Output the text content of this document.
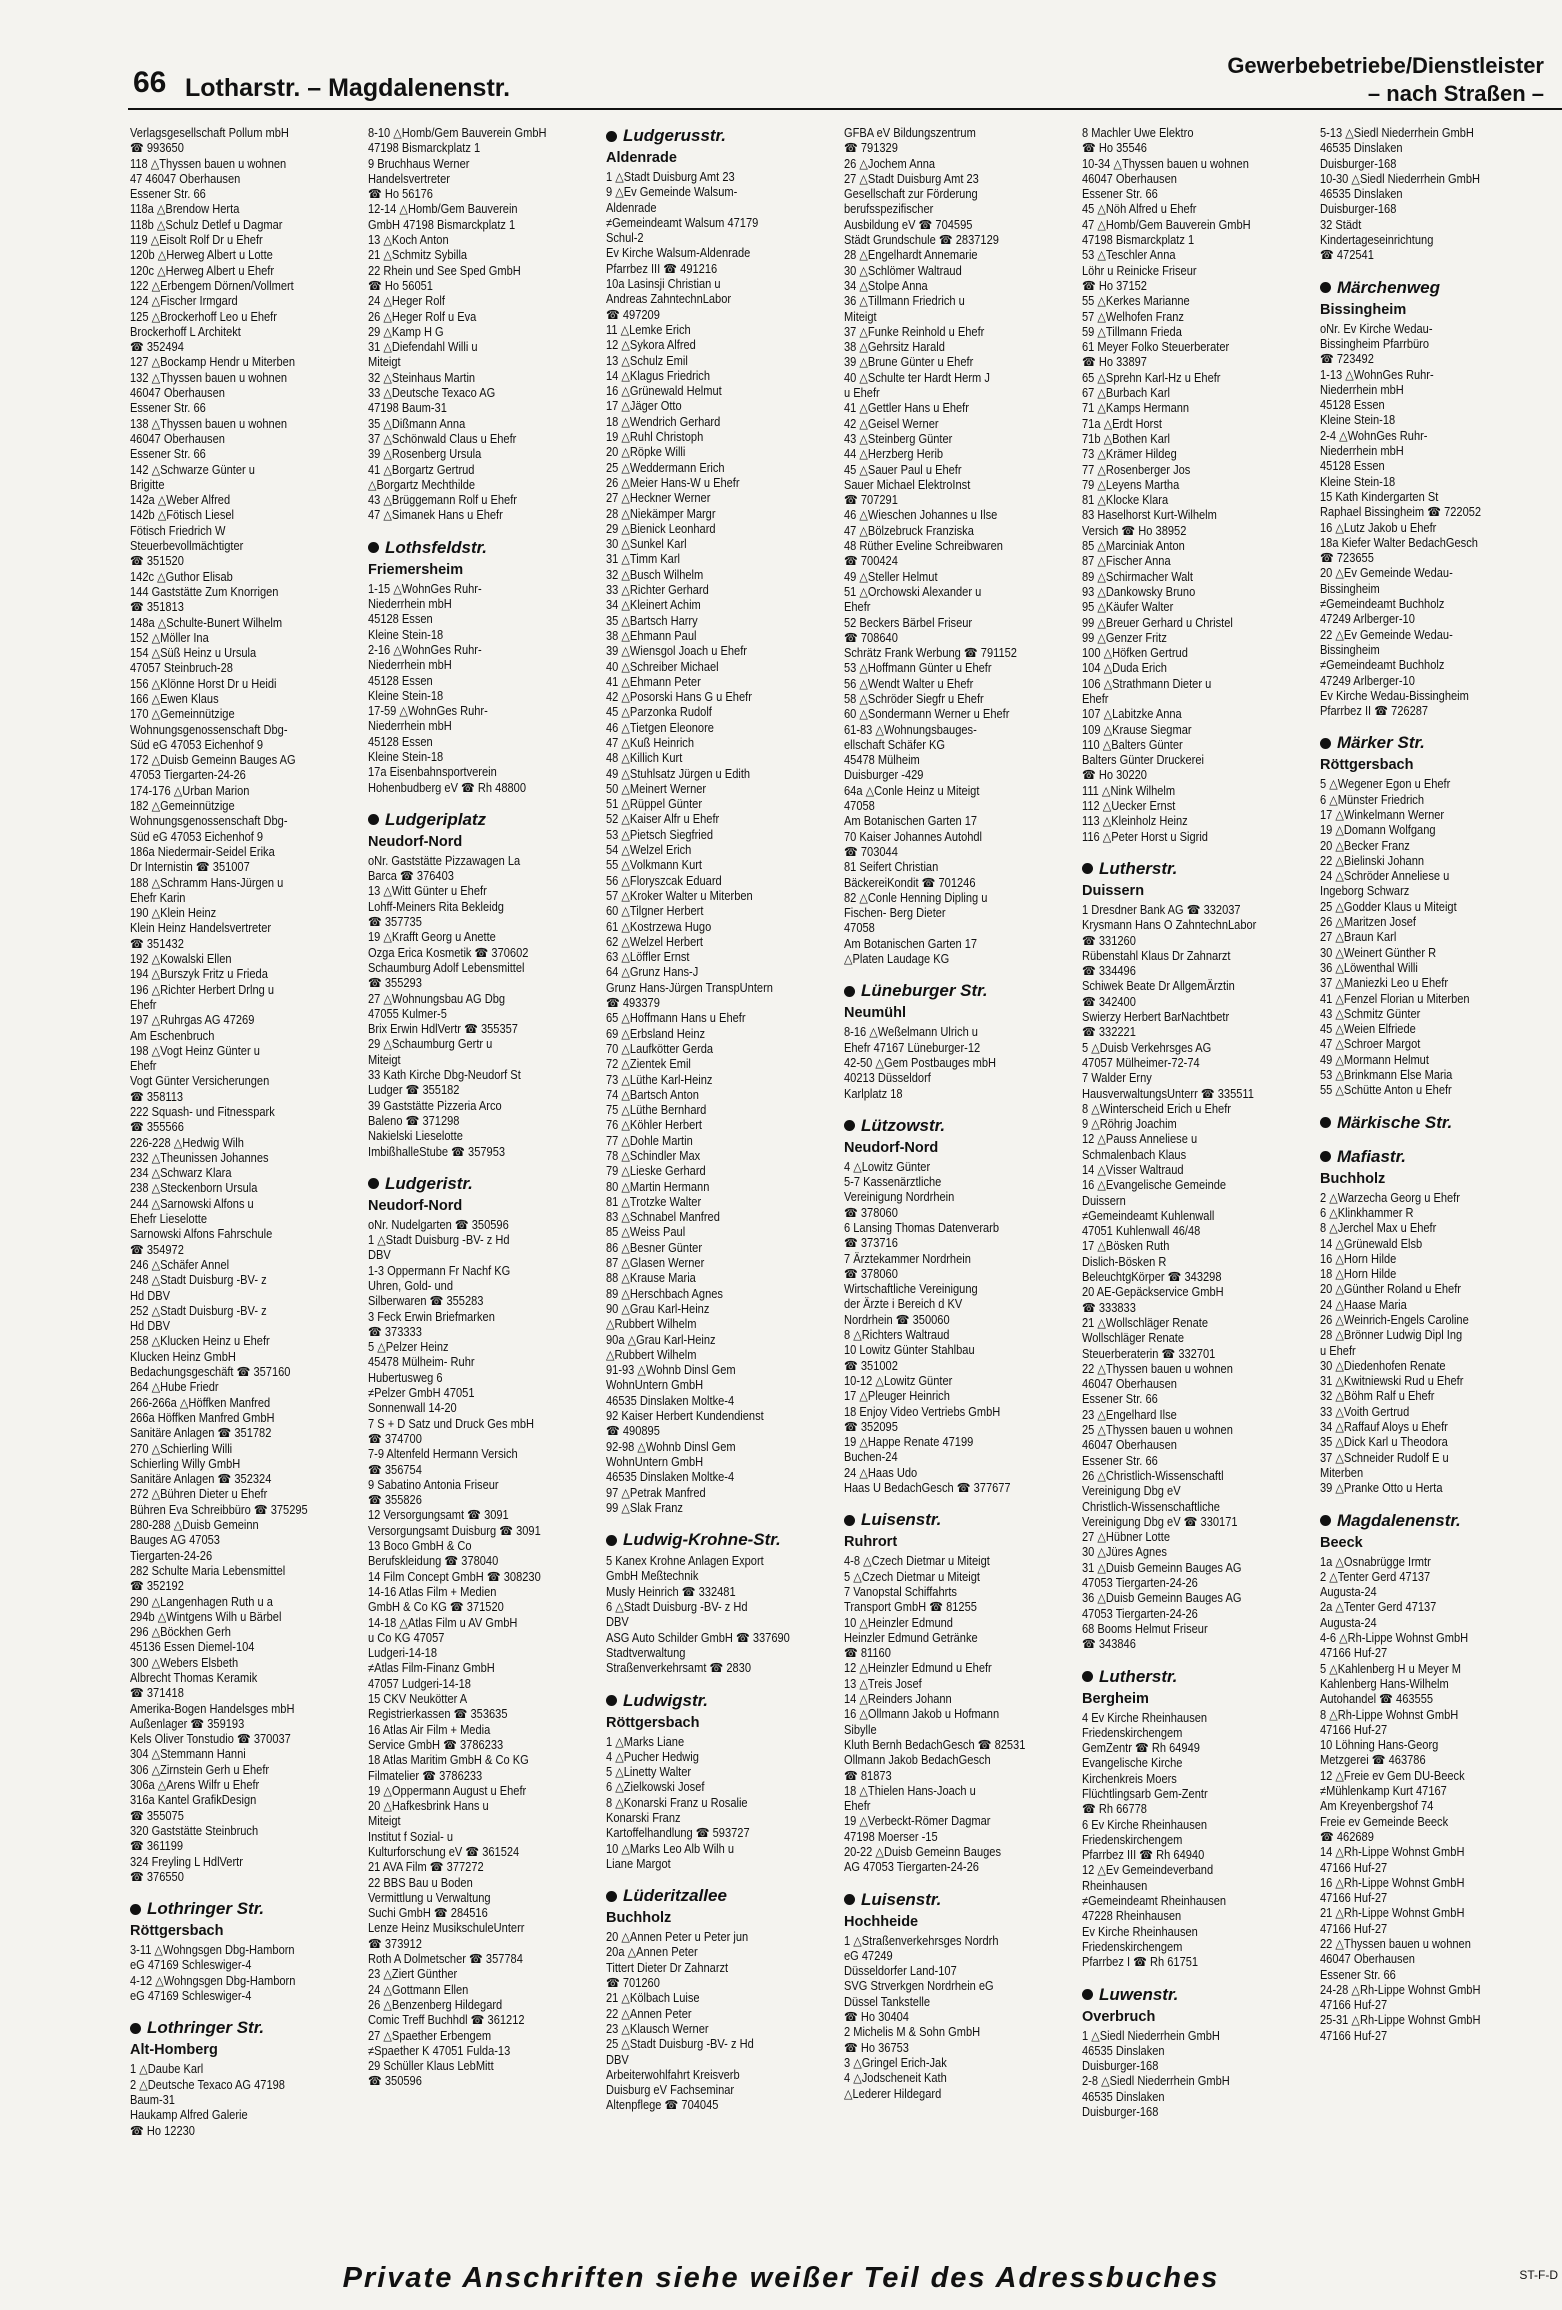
66 Lotharstr. – Magdalenenstr.
Gewerbebetriebe/Dienstleister
– nach Straßen –
Verlagsgesellschaft Pollum mbH
☎ 993650
118 △Thyssen bauen u wohnen
47 46047 Oberhausen
Essener Str. 66
118a △Brendow Herta
118b △Schulz Detlef u Dagmar
119 △Eisolt Rolf Dr u Ehefr
120b △Herweg Albert u Lotte
120c △Herweg Albert u Ehefr
122 △Erbengem Dörnen/Vollmert
124 △Fischer Irmgard
125 △Brockerhoff Leo u Ehefr
Brockerhoff L Architekt
☎ 352494
127 △Bockamp Hendr u Miterben
132 △Thyssen bauen u wohnen
46047 Oberhausen
Essener Str. 66
138 △Thyssen bauen u wohnen
46047 Oberhausen
Essener Str. 66
142 △Schwarze Günter u
Brigitte
142a △Weber Alfred
142b △Fötisch Liesel
Fötisch Friedrich W
Steuerbevollmächtigter
☎ 351520
142c △Guthor Elisab
144 Gaststätte Zum Knorrigen
☎ 351813
148a △Schulte-Bunert Wilhelm
152 △Möller Ina
154 △Süß Heinz u Ursula
47057 Steinbruch-28
156 △Klönne Horst Dr u Heidi
166 △Ewen Klaus
170 △Gemeinnützige
Wohnungsgenossenschaft Dbg-
Süd eG 47053 Eichenhof 9
172 △Duisb Gemeinn Bauges AG
47053 Tiergarten-24-26
174-176 △Urban Marion
182 △Gemeinnützige
Wohnungsgenossenschaft Dbg-
Süd eG 47053 Eichenhof 9
186a Niedermair-Seidel Erika
Dr Internistin ☎ 351007
188 △Schramm Hans-Jürgen u
Ehefr Karin
190 △Klein Heinz
Klein Heinz Handelsvertreter
☎ 351432
192 △Kowalski Ellen
194 △Burszyk Fritz u Frieda
196 △Richter Herbert Drlng u
Ehefr
197 △Ruhrgas AG 47269
Am Eschenbruch
198 △Vogt Heinz Günter u
Ehefr
Vogt Günter Versicherungen
☎ 358113
222 Squash- und Fitnesspark
☎ 355566
226-228 △Hedwig Wilh
232 △Theunissen Johannes
234 △Schwarz Klara
238 △Steckenborn Ursula
244 △Sarnowski Alfons u
Ehefr Lieselotte
Sarnowski Alfons Fahrschule
☎ 354972
246 △Schäfer Annel
248 △Stadt Duisburg -BV- z
Hd DBV
252 △Stadt Duisburg -BV- z
Hd DBV
258 △Klucken Heinz u Ehefr
Klucken Heinz GmbH
Bedachungsgeschäft ☎ 357160
264 △Hube Friedr
266-266a △Höffken Manfred
266a Höffken Manfred GmbH
Sanitäre Anlagen ☎ 351782
270 △Schierling Willi
Schierling Willy GmbH
Sanitäre Anlagen ☎ 352324
272 △Bühren Dieter u Ehefr
Bühren Eva Schreibbüro ☎ 375295
280-288 △Duisb Gemeinn
Bauges AG 47053
Tiergarten-24-26
282 Schulte Maria Lebensmittel
☎ 352192
290 △Langenhagen Ruth u a
294b △Wintgens Wilh u Bärbel
296 △Böckhen Gerh
45136 Essen Diemel-104
300 △Webers Elsbeth
Albrecht Thomas Keramik
☎ 371418
Amerika-Bogen Handelsges mbH
Außenlager ☎ 359193
Kels Oliver Tonstudio ☎ 370037
304 △Stemmann Hanni
306 △Zirnstein Gerh u Ehefr
306a △Arens Wilfr u Ehefr
316a Kantel GrafikDesign
☎ 355075
320 Gaststätte Steinbruch
☎ 361199
324 Freyling L HdlVertr
☎ 376550
Lothringer Str.
Röttgersbach
3-11 △Wohngsgen Dbg-Hamborn
eG 47169 Schleswiger-4
4-12 △Wohngsgen Dbg-Hamborn
eG 47169 Schleswiger-4
Lothringer Str.
Alt-Homberg
1 △Daube Karl
2 △Deutsche Texaco AG 47198
Baum-31
Haukamp Alfred Galerie
☎ Ho 12230
8-10 △Homb/Gem Bauverein GmbH
47198 Bismarckplatz 1
9 Bruchhaus Werner
Handelsvertreter
☎ Ho 56176
12-14 △Homb/Gem Bauverein
GmbH 47198 Bismarckplatz 1
13 △Koch Anton
21 △Schmitz Sybilla
22 Rhein und See Sped GmbH
☎ Ho 56051
24 △Heger Rolf
26 △Heger Rolf u Eva
29 △Kamp H G
31 △Diefendahl Willi u
Miteigt
32 △Steinhaus Martin
33 △Deutsche Texaco AG
47198 Baum-31
35 △Dißmann Anna
37 △Schönwald Claus u Ehefr
39 △Rosenberg Ursula
41 △Borgartz Gertrud
△Borgartz Mechthilde
43 △Brüggemann Rolf u Ehefr
47 △Simanek Hans u Ehefr
Lothsfeldstr.
Friemersheim
1-15 △WohnGes Ruhr-
Niederrhein mbH
45128 Essen
Kleine Stein-18
2-16 △WohnGes Ruhr-
Niederrhein mbH
45128 Essen
Kleine Stein-18
17-59 △WohnGes Ruhr-
Niederrhein mbH
45128 Essen
Kleine Stein-18
17a Eisenbahnsportverein
Hohenbudberg eV ☎ Rh 48800
Ludgeriplatz
Neudorf-Nord
oNr. Gaststätte Pizzawagen La
Barca ☎ 376403
13 △Witt Günter u Ehefr
Lohff-Meiners Rita Bekleidg
☎ 357735
19 △Krafft Georg u Anette
Ozga Erica Kosmetik ☎ 370602
Schaumburg Adolf Lebensmittel
☎ 355293
27 △Wohnungsbau AG Dbg
47055 Kulmer-5
Brix Erwin HdlVertr ☎ 355357
29 △Schaumburg Gertr u
Miteigt
33 Kath Kirche Dbg-Neudorf St
Ludger ☎ 355182
39 Gaststätte Pizzeria Arco
Baleno ☎ 371298
Nakielski Lieselotte
ImbißhalleStube ☎ 357953
Ludgeristr.
Neudorf-Nord
oNr. Nudelgarten ☎ 350596
1 △Stadt Duisburg -BV- z Hd
DBV
1-3 Oppermann Fr Nachf KG
Uhren, Gold- und
Silberwaren ☎ 355283
3 Feck Erwin Briefmarken
☎ 373333
5 △Pelzer Heinz
45478 Mülheim- Ruhr
Hubertusweg 6
≠Pelzer GmbH 47051
Sonnenwall 14-20
7 S + D Satz und Druck Ges mbH
☎ 374700
7-9 Altenfeld Hermann Versich
☎ 356754
9 Sabatino Antonia Friseur
☎ 355826
12 Versorgungsamt ☎ 3091
Versorgungsamt Duisburg ☎ 3091
13 Boco GmbH & Co
Berufskleidung ☎ 378040
14 Film Concept GmbH ☎ 308230
14-16 Atlas Film + Medien
GmbH & Co KG ☎ 371520
14-18 △Atlas Film u AV GmbH
u Co KG 47057
Ludgeri-14-18
≠Atlas Film-Finanz GmbH
47057 Ludgeri-14-18
15 CKV Neukötter A
Registrierkassen ☎ 353635
16 Atlas Air Film + Media
Service GmbH ☎ 3786233
18 Atlas Maritim GmbH & Co KG
Filmatelier ☎ 3786233
19 △Oppermann August u Ehefr
20 △Hafkesbrink Hans u
Miteigt
Institut f Sozial- u
Kulturforschung eV ☎ 361524
21 AVA Film ☎ 377272
22 BBS Bau u Boden
Vermittlung u Verwaltung
Suchi GmbH ☎ 284516
Lenze Heinz MusikschuleUnterr
☎ 373912
Roth A Dolmetscher ☎ 357784
23 △Ziert Günther
24 △Gottmann Ellen
26 △Benzenberg Hildegard
Comic Treff Buchhdl ☎ 361212
27 △Spaether Erbengem
≠Spaether K 47051 Fulda-13
29 Schüller Klaus LebMitt
☎ 350596
Ludgerusstr.
Aldenrade
1 △Stadt Duisburg Amt 23
9 △Ev Gemeinde Walsum-
Aldenrade
≠Gemeindeamt Walsum 47179
Schul-2
Ev Kirche Walsum-Aldenrade
Pfarrbez III ☎ 491216
10a Lasinsji Christian u
Andreas ZahntechnLabor
☎ 497209
11 △Lemke Erich
12 △Sykora Alfred
13 △Schulz Emil
14 △Klagus Friedrich
16 △Grünewald Helmut
17 △Jäger Otto
18 △Wendrich Gerhard
19 △Ruhl Christoph
20 △Röpke Willi
25 △Weddermann Erich
26 △Meier Hans-W u Ehefr
27 △Heckner Werner
28 △Niekämper Margr
29 △Bienick Leonhard
30 △Sunkel Karl
31 △Timm Karl
32 △Busch Wilhelm
33 △Richter Gerhard
34 △Kleinert Achim
35 △Bartsch Harry
38 △Ehmann Paul
39 △Wiensgol Joach u Ehefr
40 △Schreiber Michael
41 △Ehmann Peter
42 △Posorski Hans G u Ehefr
45 △Parzonka Rudolf
46 △Tietgen Eleonore
47 △Kuß Heinrich
48 △Killich Kurt
49 △Stuhlsatz Jürgen u Edith
50 △Meinert Werner
51 △Rüppel Günter
52 △Kaiser Alfr u Ehefr
53 △Pietsch Siegfried
54 △Welzel Erich
55 △Volkmann Kurt
56 △Floryszcak Eduard
57 △Kroker Walter u Miterben
60 △Tilgner Herbert
61 △Kostrzewa Hugo
62 △Welzel Herbert
63 △Löffler Ernst
64 △Grunz Hans-J
Grunz Hans-Jürgen TranspUntern
☎ 493379
65 △Hoffmann Hans u Ehefr
69 △Erbsland Heinz
70 △Laufkötter Gerda
72 △Zientek Emil
73 △Lüthe Karl-Heinz
74 △Bartsch Anton
75 △Lüthe Bernhard
76 △Köhler Herbert
77 △Dohle Martin
78 △Schindler Max
79 △Lieske Gerhard
80 △Martin Hermann
81 △Trotzke Walter
83 △Schnabel Manfred
85 △Weiss Paul
86 △Besner Günter
87 △Glasen Werner
88 △Krause Maria
89 △Herschbach Agnes
90 △Grau Karl-Heinz
△Rubbert Wilhelm
90a △Grau Karl-Heinz
△Rubbert Wilhelm
91-93 △Wohnb Dinsl Gem
WohnUntern GmbH
46535 Dinslaken Moltke-4
92 Kaiser Herbert Kundendienst
☎ 490895
92-98 △Wohnb Dinsl Gem
WohnUntern GmbH
46535 Dinslaken Moltke-4
97 △Petrak Manfred
99 △Slak Franz
Ludwig-Krohne-Str.
5 Kanex Krohne Anlagen Export
GmbH Meßtechnik
Musly Heinrich ☎ 332481
6 △Stadt Duisburg -BV- z Hd
DBV
ASG Auto Schilder GmbH ☎ 337690
Stadtverwaltung
Straßenverkehrsamt ☎ 2830
Ludwigstr.
Röttgersbach
1 △Marks Liane
4 △Pucher Hedwig
5 △Linetty Walter
6 △Zielkowski Josef
8 △Konarski Franz u Rosalie
Konarski Franz
Kartoffelhandlung ☎ 593727
10 △Marks Leo Alb Wilh u
Liane Margot
Lüderitzallee
Buchholz
20 △Annen Peter u Peter jun
20a △Annen Peter
Tittert Dieter Dr Zahnarzt
☎ 701260
21 △Kölbach Luise
22 △Annen Peter
23 △Klausch Werner
25 △Stadt Duisburg -BV- z Hd
DBV
Arbeiterwohlfahrt Kreisverb
Duisburg eV Fachseminar
Altenpflege ☎ 704045
GFBA eV Bildungszentrum
☎ 791329
26 △Jochem Anna
27 △Stadt Duisburg Amt 23
Gesellschaft zur Förderung
berufsspezifischer
Ausbildung eV ☎ 704595
Städt Grundschule ☎ 2837129
28 △Engelhardt Annemarie
30 △Schlömer Waltraud
34 △Stolpe Anna
36 △Tillmann Friedrich u
Miteigt
37 △Funke Reinhold u Ehefr
38 △Gehrsitz Harald
39 △Brune Günter u Ehefr
40 △Schulte ter Hardt Herm J
u Ehefr
41 △Gettler Hans u Ehefr
42 △Geisel Werner
43 △Steinberg Günter
44 △Herzberg Herib
45 △Sauer Paul u Ehefr
Sauer Michael ElektroInst
☎ 707291
46 △Wieschen Johannes u Ilse
47 △Bölzebruck Franziska
48 Rüther Eveline Schreibwaren
☎ 700424
49 △Steller Helmut
51 △Orchowski Alexander u
Ehefr
52 Beckers Bärbel Friseur
☎ 708640
Schrätz Frank Werbung ☎ 791152
53 △Hoffmann Günter u Ehefr
56 △Wendt Walter u Ehefr
58 △Schröder Siegfr u Ehefr
60 △Sondermann Werner u Ehefr
61-83 △Wohnungsbauges-
ellschaft Schäfer KG
45478 Mülheim
Duisburger -429
64a △Conle Heinz u Miteigt
47058
Am Botanischen Garten 17
70 Kaiser Johannes Autohdl
☎ 703044
81 Seifert Christian
BäckereiKondit ☎ 701246
82 △Conle Henning Dipling u
Fischen- Berg Dieter
47058
Am Botanischen Garten 17
△Platen Laudage KG
Lüneburger Str.
Neumühl
8-16 △Weßelmann Ulrich u
Ehefr 47167 Lüneburger-12
42-50 △Gem Postbauges mbH
40213 Düsseldorf
Karlplatz 18
Lützowstr.
Neudorf-Nord
4 △Lowitz Günter
5-7 Kassenärztliche
Vereinigung Nordrhein
☎ 378060
6 Lansing Thomas Datenverarb
☎ 373716
7 Ärztekammer Nordrhein
☎ 378060
Wirtschaftliche Vereinigung
der Ärzte i Bereich d KV
Nordrhein ☎ 350060
8 △Richters Waltraud
10 Lowitz Günter Stahlbau
☎ 351002
10-12 △Lowitz Günter
17 △Pleuger Heinrich
18 Enjoy Video Vertriebs GmbH
☎ 352095
19 △Happe Renate 47199
Buchen-24
24 △Haas Udo
Haas U BedachGesch ☎ 377677
Luisenstr.
Ruhrort
4-8 △Czech Dietmar u Miteigt
5 △Czech Dietmar u Miteigt
7 Vanopstal Schiffahrts
Transport GmbH ☎ 81255
10 △Heinzler Edmund
Heinzler Edmund Getränke
☎ 81160
12 △Heinzler Edmund u Ehefr
13 △Treis Josef
14 △Reinders Johann
16 △Ollmann Jakob u Hofmann
Sibylle
Kluth Bernh BedachGesch ☎ 82531
Ollmann Jakob BedachGesch
☎ 81873
18 △Thielen Hans-Joach u
Ehefr
19 △Verbeckt-Römer Dagmar
47198 Moerser -15
20-22 △Duisb Gemeinn Bauges
AG 47053 Tiergarten-24-26
Luisenstr.
Hochheide
1 △Straßenverkehrsges Nordrh
eG 47249
Düsseldorfer Land-107
SVG Strverkgen Nordrhein eG
Düssel Tankstelle
☎ Ho 30404
2 Michelis M & Sohn GmbH
☎ Ho 36753
3 △Gringel Erich-Jak
4 △Jodscheneit Kath
△Lederer Hildegard
8 Machler Uwe Elektro
☎ Ho 35546
10-34 △Thyssen bauen u wohnen
46047 Oberhausen
Essener Str. 66
45 △Nöh Alfred u Ehefr
47 △Homb/Gem Bauverein GmbH
47198 Bismarckplatz 1
53 △Teschler Anna
Löhr u Reinicke Friseur
☎ Ho 37152
55 △Kerkes Marianne
57 △Welhofen Franz
59 △Tillmann Frieda
61 Meyer Folko Steuerberater
☎ Ho 33897
65 △Sprehn Karl-Hz u Ehefr
67 △Burbach Karl
71 △Kamps Hermann
71a △Erdt Horst
71b △Bothen Karl
73 △Krämer Hildeg
77 △Rosenberger Jos
79 △Leyens Martha
81 △Klocke Klara
83 Haselhorst Kurt-Wilhelm
Versich ☎ Ho 38952
85 △Marciniak Anton
87 △Fischer Anna
89 △Schirmacher Walt
93 △Dankowsky Bruno
95 △Käufer Walter
99 △Breuer Gerhard u Christel
99 △Genzer Fritz
100 △Höfken Gertrud
104 △Duda Erich
106 △Strathmann Dieter u
Ehefr
107 △Labitzke Anna
109 △Krause Siegmar
110 △Balters Günter
Balters Günter Druckerei
☎ Ho 30220
111 △Nink Wilhelm
112 △Uecker Ernst
113 △Kleinholz Heinz
116 △Peter Horst u Sigrid
Lutherstr.
Duissern
1 Dresdner Bank AG ☎ 332037
Krysmann Hans O ZahntechnLabor
☎ 331260
Rübenstahl Klaus Dr Zahnarzt
☎ 334496
Schiwek Beate Dr AllgemÄrztin
☎ 342400
Swierzy Herbert BarNachtbetr
☎ 332221
5 △Duisb Verkehrsges AG
47057 Mülheimer-72-74
7 Walder Erny
HausverwaltungsUnterr ☎ 335511
8 △Winterscheid Erich u Ehefr
9 △Röhrig Joachim
12 △Pauss Anneliese u
Schmalenbach Klaus
14 △Visser Waltraud
16 △Evangelische Gemeinde
Duissern
≠Gemeindeamt Kuhlenwall
47051 Kuhlenwall 46/48
17 △Bösken Ruth
Dislich-Bösken R
BeleuchtgKörper ☎ 343298
20 AE-Gepäckservice GmbH
☎ 333833
21 △Wollschläger Renate
Wollschläger Renate
Steuerberaterin ☎ 332701
22 △Thyssen bauen u wohnen
46047 Oberhausen
Essener Str. 66
23 △Engelhard Ilse
25 △Thyssen bauen u wohnen
46047 Oberhausen
Essener Str. 66
26 △Christlich-Wissenschaftl
Vereinigung Dbg eV
Christlich-Wissenschaftliche
Vereinigung Dbg eV ☎ 330171
27 △Hübner Lotte
30 △Jüres Agnes
31 △Duisb Gemeinn Bauges AG
47053 Tiergarten-24-26
36 △Duisb Gemeinn Bauges AG
47053 Tiergarten-24-26
68 Booms Helmut Friseur
☎ 343846
Lutherstr.
Bergheim
4 Ev Kirche Rheinhausen
Friedenskirchengem
GemZentr ☎ Rh 64949
Evangelische Kirche
Kirchenkreis Moers
Flüchtlingsarb Gem-Zentr
☎ Rh 66778
6 Ev Kirche Rheinhausen
Friedenskirchengem
Pfarrbez III ☎ Rh 64940
12 △Ev Gemeindeverband
Rheinhausen
≠Gemeindeamt Rheinhausen
47228 Rheinhausen
Ev Kirche Rheinhausen
Friedenskirchengem
Pfarrbez I ☎ Rh 61751
Luwenstr.
Overbruch
1 △Siedl Niederrhein GmbH
46535 Dinslaken
Duisburger-168
2-8 △Siedl Niederrhein GmbH
46535 Dinslaken
Duisburger-168
5-13 △Siedl Niederrhein GmbH
46535 Dinslaken
Duisburger-168
10-30 △Siedl Niederrhein GmbH
46535 Dinslaken
Duisburger-168
32 Städt
Kindertageseinrichtung
☎ 472541
Märchenweg
Bissingheim
oNr. Ev Kirche Wedau-
Bissingheim Pfarrbüro
☎ 723492
1-13 △WohnGes Ruhr-
Niederrhein mbH
45128 Essen
Kleine Stein-18
2-4 △WohnGes Ruhr-
Niederrhein mbH
45128 Essen
Kleine Stein-18
15 Kath Kindergarten St
Raphael Bissingheim ☎ 722052
16 △Lutz Jakob u Ehefr
18a Kiefer Walter BedachGesch
☎ 723655
20 △Ev Gemeinde Wedau-
Bissingheim
≠Gemeindeamt Buchholz
47249 Arlberger-10
22 △Ev Gemeinde Wedau-
Bissingheim
≠Gemeindeamt Buchholz
47249 Arlberger-10
Ev Kirche Wedau-Bissingheim
Pfarrbez II ☎ 726287
Märker Str.
Röttgersbach
5 △Wegener Egon u Ehefr
6 △Münster Friedrich
17 △Winkelmann Werner
19 △Domann Wolfgang
20 △Becker Franz
22 △Bielinski Johann
24 △Schröder Anneliese u
Ingeborg Schwarz
25 △Godder Klaus u Miteigt
26 △Maritzen Josef
27 △Braun Karl
30 △Weinert Günther R
36 △Löwenthal Willi
37 △Maniezki Leo u Ehefr
41 △Fenzel Florian u Miterben
43 △Schmitz Günter
45 △Weien Elfriede
47 △Schroer Margot
49 △Mormann Helmut
53 △Brinkmann Else Maria
55 △Schütte Anton u Ehefr
Märkische Str.
Mafiastr.
Buchholz
2 △Warzecha Georg u Ehefr
6 △Klinkhammer R
8 △Jerchel Max u Ehefr
14 △Grünewald Elsb
16 △Horn Hilde
18 △Horn Hilde
20 △Günther Roland u Ehefr
24 △Haase Maria
26 △Weinrich-Engels Caroline
28 △Brönner Ludwig Dipl Ing
u Ehefr
30 △Diedenhofen Renate
31 △Kwitniewski Rud u Ehefr
32 △Böhm Ralf u Ehefr
33 △Voith Gertrud
34 △Raffauf Aloys u Ehefr
35 △Dick Karl u Theodora
37 △Schneider Rudolf E u
Miterben
39 △Pranke Otto u Herta
Magdalenenstr.
Beeck
1a △Osnabrügge Irmtr
2 △Tenter Gerd 47137
Augusta-24
2a △Tenter Gerd 47137
Augusta-24
4-6 △Rh-Lippe Wohnst GmbH
47166 Huf-27
5 △Kahlenberg H u Meyer M
Kahlenberg Hans-Wilhelm
Autohandel ☎ 463555
8 △Rh-Lippe Wohnst GmbH
47166 Huf-27
10 Löhning Hans-Georg
Metzgerei ☎ 463786
12 △Freie ev Gem DU-Beeck
≠Mühlenkamp Kurt 47167
Am Kreyenbergshof 74
Freie ev Gemeinde Beeck
☎ 462689
14 △Rh-Lippe Wohnst GmbH
47166 Huf-27
16 △Rh-Lippe Wohnst GmbH
47166 Huf-27
21 △Rh-Lippe Wohnst GmbH
47166 Huf-27
22 △Thyssen bauen u wohnen
46047 Oberhausen
Essener Str. 66
24-28 △Rh-Lippe Wohnst GmbH
47166 Huf-27
25-31 △Rh-Lippe Wohnst GmbH
47166 Huf-27
Private Anschriften siehe weißer Teil des Adressbuches	ST-F-D
